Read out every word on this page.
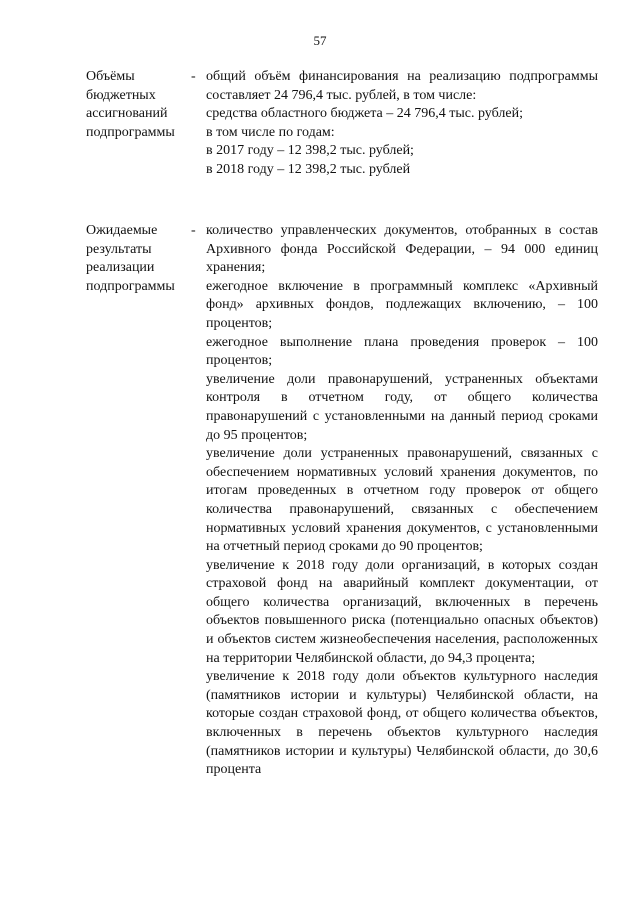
57
Объёмы
бюджетных
ассигнований
подпрограммы
- общий объём финансирования на реализацию подпрограммы составляет 24 796,4 тыс. рублей, в том числе:

средства областного бюджета – 24 796,4 тыс. рублей;

в том числе по годам:

в 2017 году – 12 398,2 тыс. рублей;

в 2018 году – 12 398,2 тыс. рублей

Ожидаемые
результаты
реализации
подпрограммы
- количество управленческих документов, отобранных в состав Архивного фонда Российской Федерации, – 94 000 единиц хранения;

ежегодное включение в программный комплекс «Архивный фонд» архивных фондов, подлежащих включению, – 100 процентов;

ежегодное выполнение плана проведения проверок – 100 процентов;

увеличение доли правонарушений, устраненных объектами контроля в отчетном году, от общего количества правонарушений с установленными на данный период сроками до 95 процентов;

увеличение доли устраненных правонарушений, связанных с обеспечением нормативных условий хранения документов, по итогам проведенных в отчетном году проверок от общего количества правонарушений, связанных с обеспечением нормативных условий хранения документов, с установленными на отчетный период сроками до 90 процентов;

увеличение к 2018 году доли организаций, в которых создан страховой фонд на аварийный комплект документации, от общего количества организаций, включенных в перечень объектов повышенного риска (потенциально опасных объектов) и объектов систем жизнеобеспечения населения, расположенных на территории Челябинской области, до 94,3 процента;

увеличение к 2018 году доли объектов культурного наследия (памятников истории и культуры) Челябинской области, на которые создан страховой фонд, от общего количества объектов, включенных в перечень объектов культурного наследия (памятников истории и культуры) Челябинской области, до 30,6 процента
